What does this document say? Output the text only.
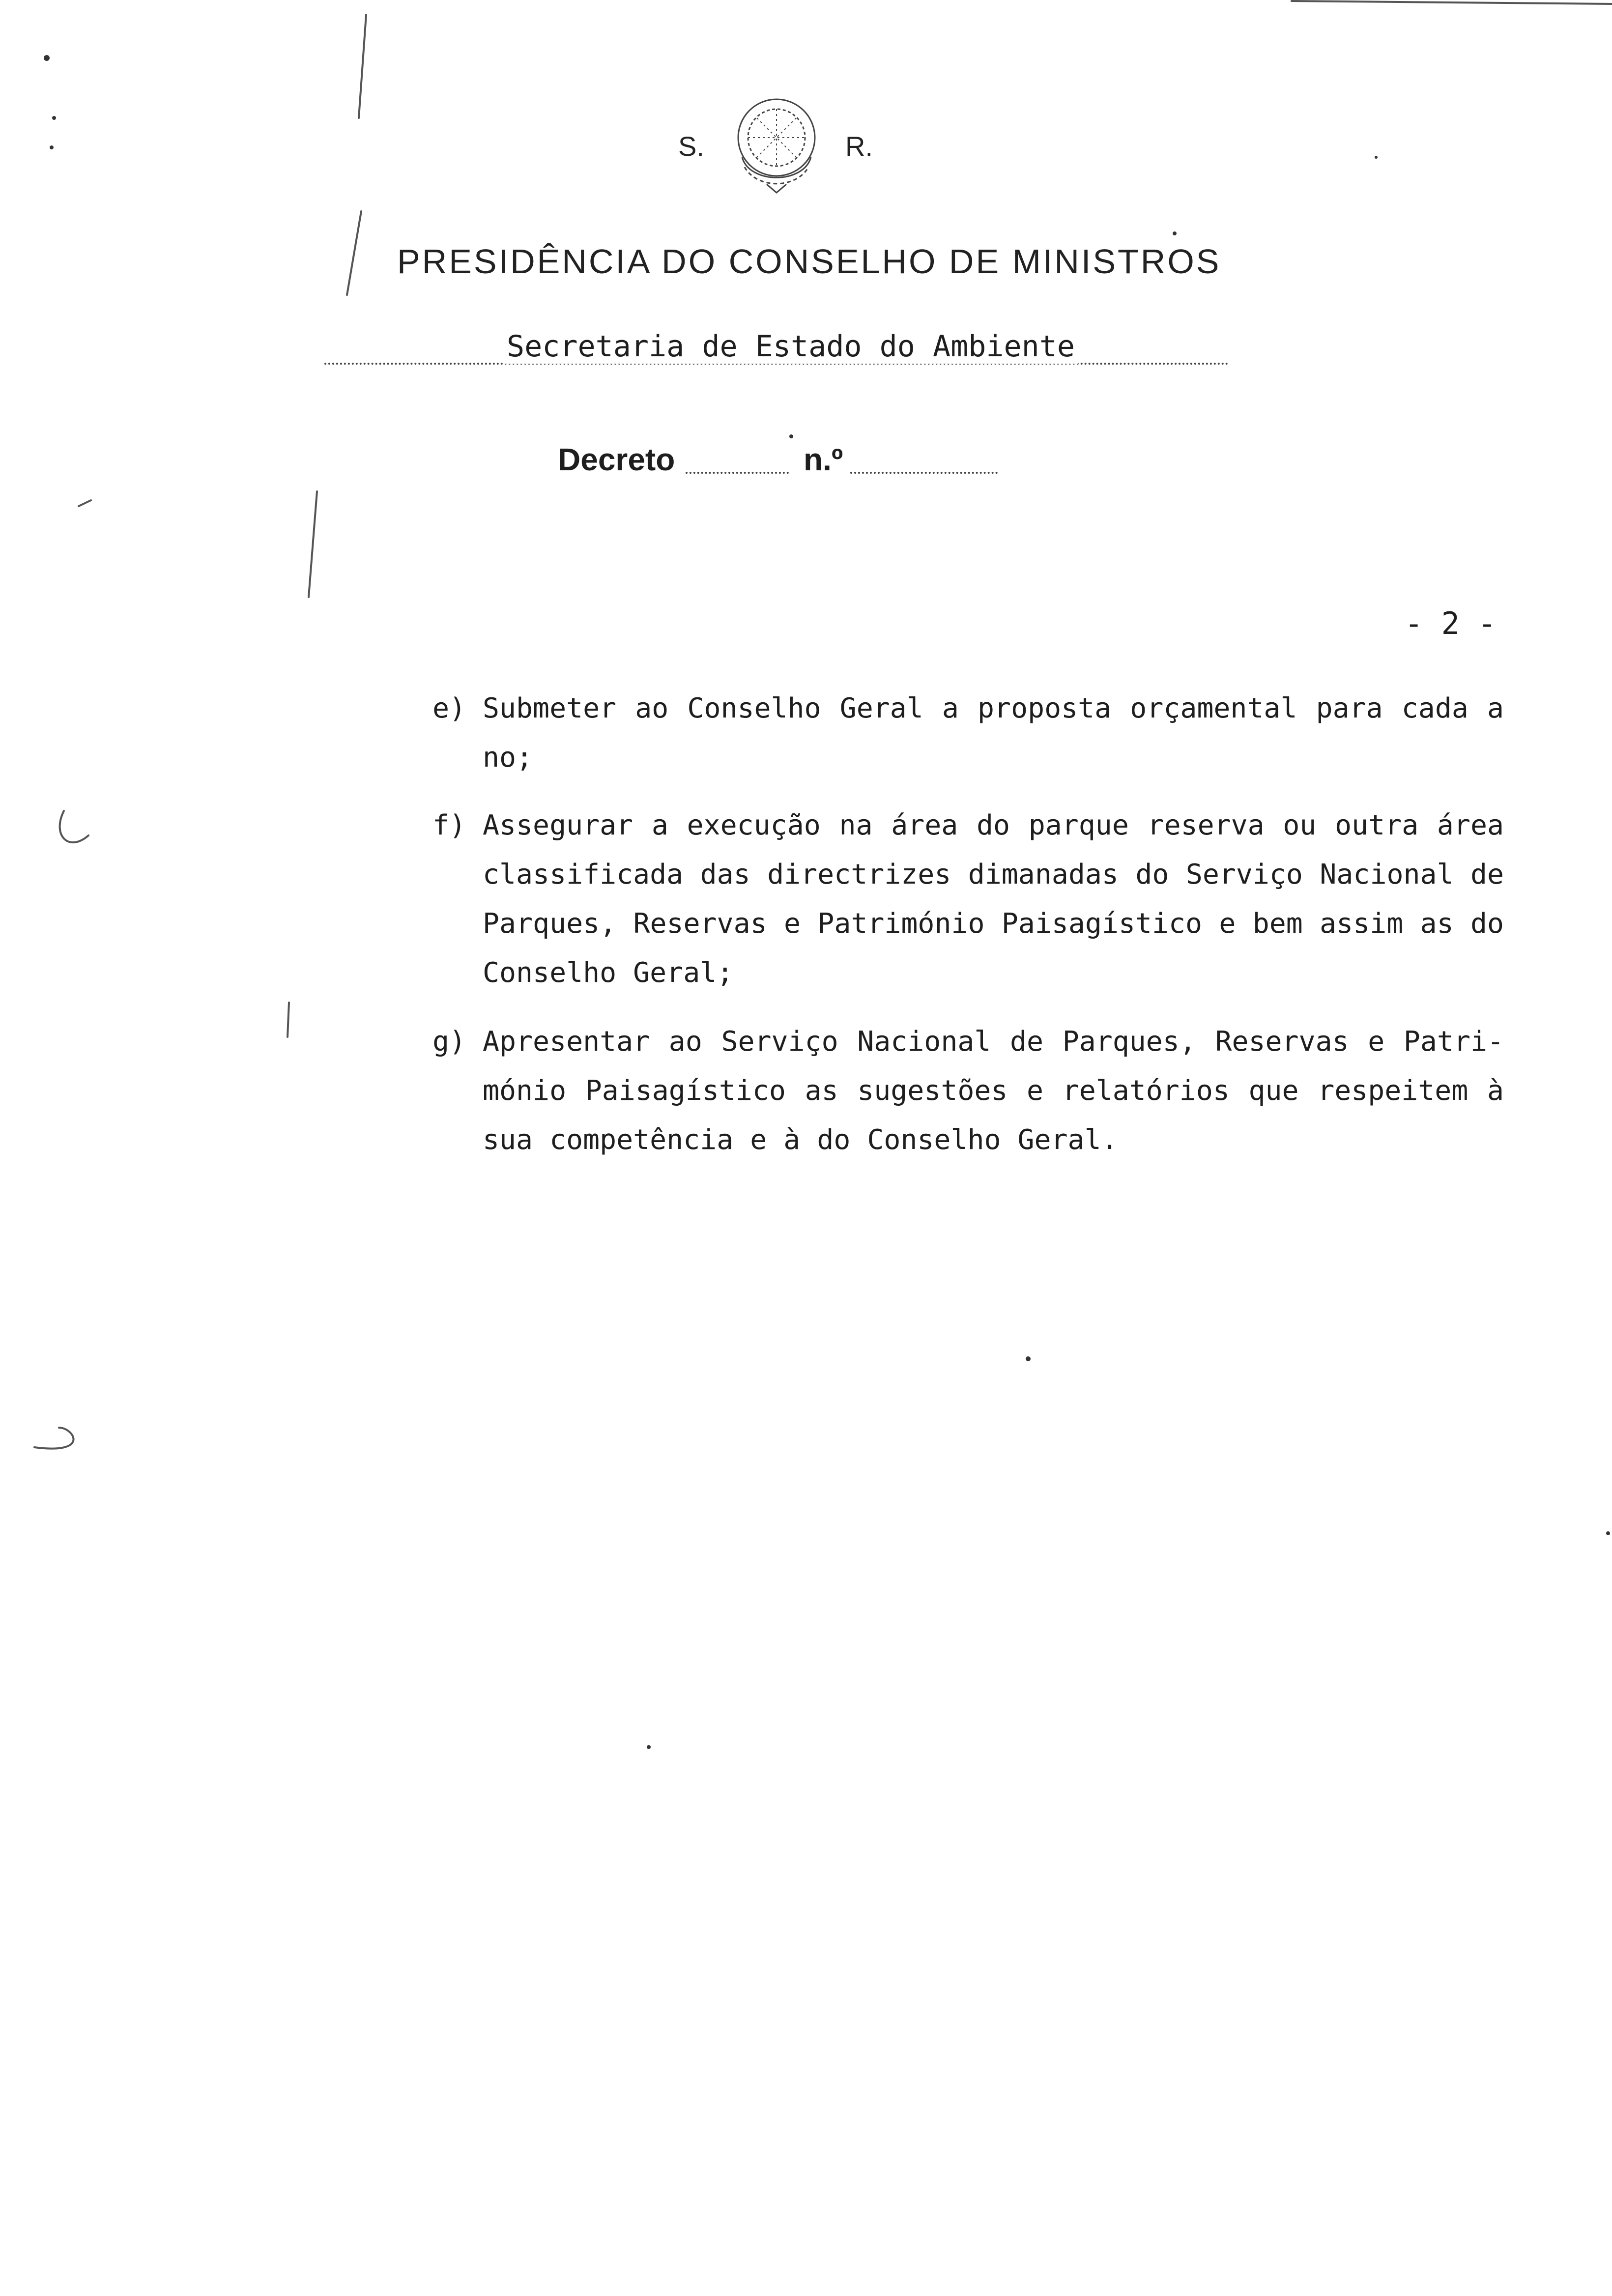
S.	R.
PRESIDÊNCIA DO CONSELHO DE MINISTROS
Secretaria de Estado do Ambiente
Decreto	n.º
- 2 -
e) Submeter ao Conselho Geral a proposta orçamental para cada a no;
f) Assegurar a execução na área do parque reserva ou outra área classificada das directrizes dimanadas do Serviço Nacional de Parques, Reservas e Património Paisagístico e bem assim as do Conselho Geral;
g) Apresentar ao Serviço Nacional de Parques, Reservas e Patri- mónio Paisagístico as sugestões e relatórios que respeitem à sua competência e à do Conselho Geral.
